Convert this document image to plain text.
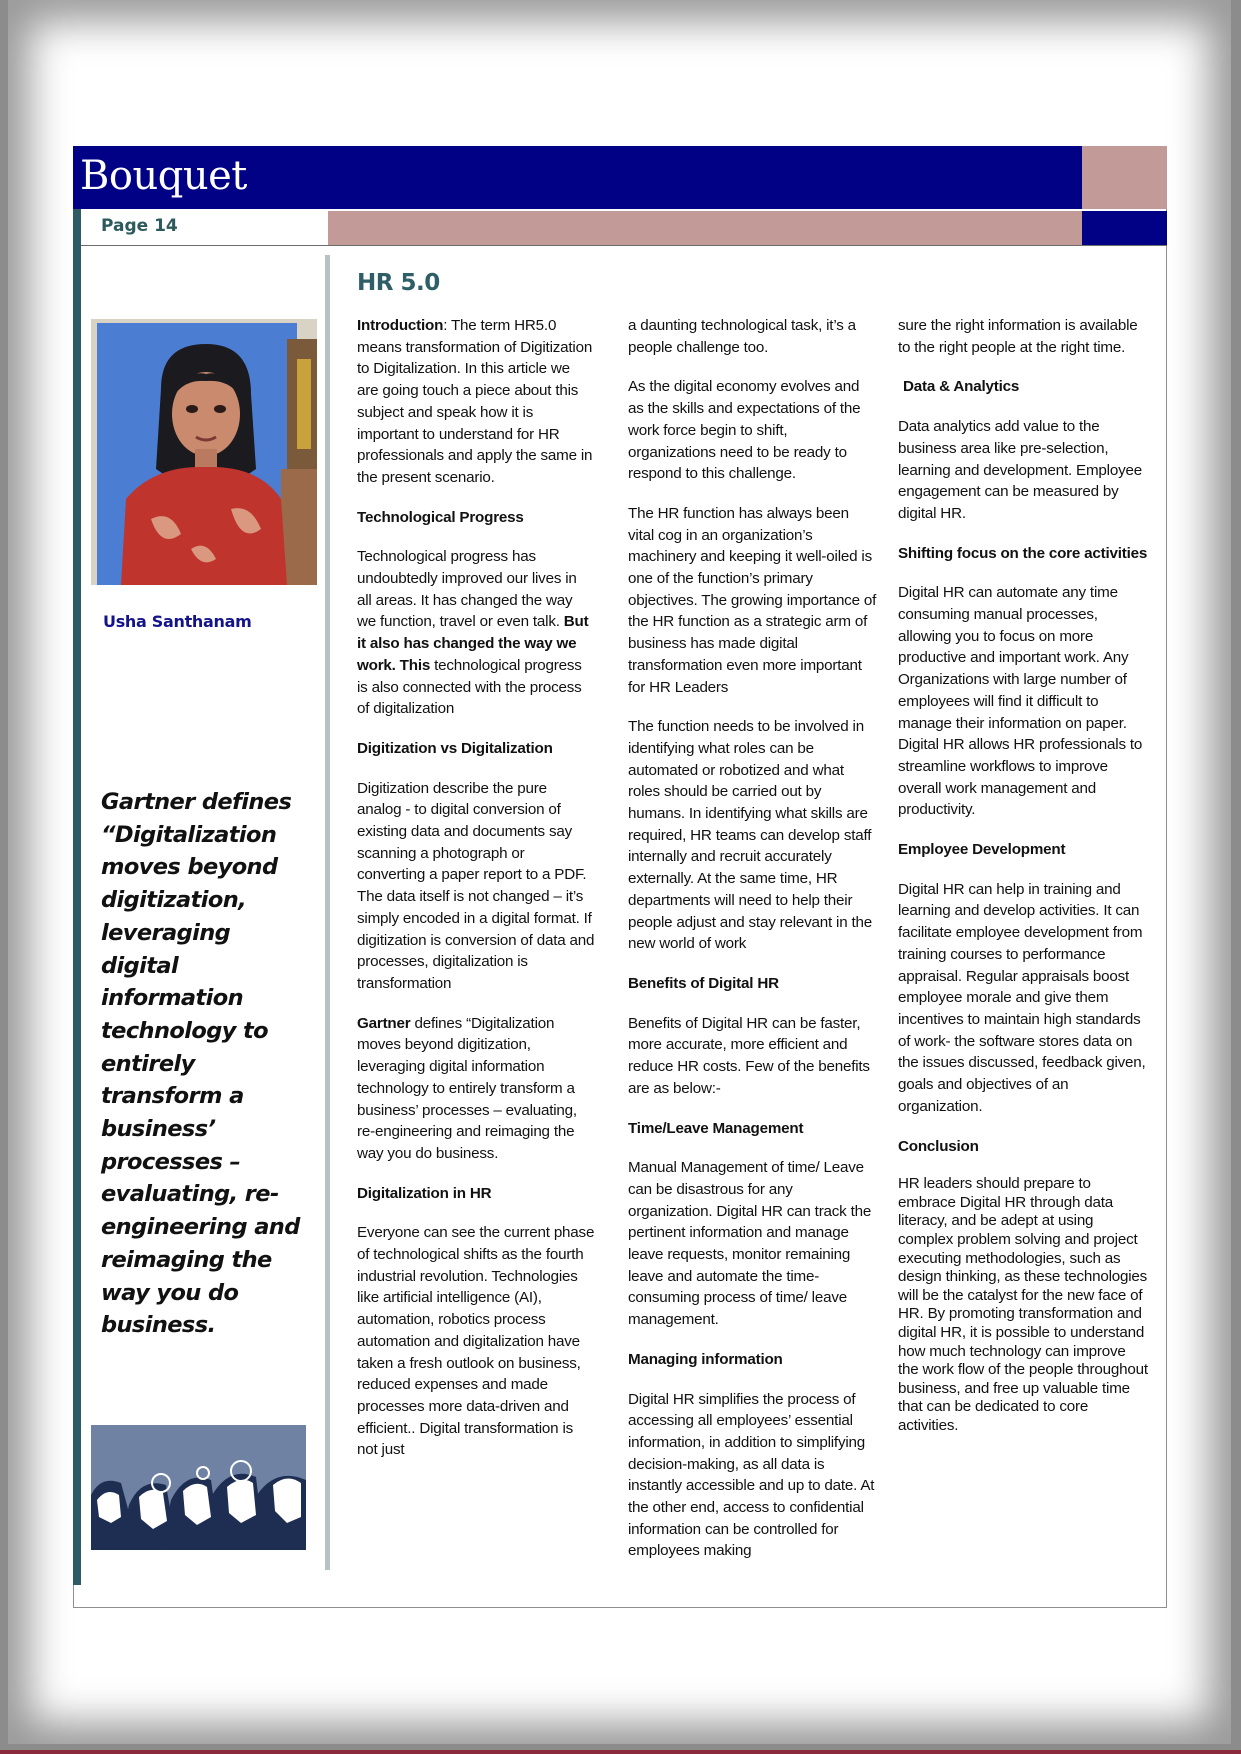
Bouquet
Page 14
Usha Santhanam
Gartner defines “Digitalization moves beyond digitization, leveraging digital information technology to entirely transform a business’ processes – evaluating, re-engineering and reimaging the way you do business.
HR 5.0

Introduction: The term HR5.0 means transformation of Digitization to Digitalization. In this article we are going touch a piece about this subject and speak how it is important to understand for HR professionals and apply the same in the present scenario.

Technological Progress

Technological progress has undoubtedly improved our lives in all areas. It has changed the way we function, travel or even talk. But it also has changed the way we work. This technological progress is also connected with the process of digitalization

Digitization vs Digitalization

Digitization describe the pure analog - to digital conversion of existing data and documents say scanning a photograph or converting a paper report to a PDF. The data itself is not changed – it’s simply encoded in a digital format. If digitization is conversion of data and processes, digitalization is transformation

Gartner defines “Digitalization moves beyond digitization, leveraging digital information technology to entirely transform a business’ processes – evaluating, re-engineering and reimaging the way you do business.

Digitalization in HR

Everyone can see the current phase of technological shifts as the fourth industrial revolution. Technologies like artificial intelligence (AI), automation, robotics process automation and digitalization have taken a fresh outlook on business, reduced expenses and made processes more data-driven and efficient.. Digital transformation is not just

a daunting technological task, it’s a people challenge too.

As the digital economy evolves and as the skills and expectations of the work force begin to shift, organizations need to be ready to respond to this challenge.

The HR function has always been vital cog in an organization’s machinery and keeping it well-oiled is one of the function’s primary objectives. The growing importance of the HR function as a strategic arm of business has made digital transformation even more important for HR Leaders

The function needs to be involved in identifying what roles can be automated or robotized and what roles should be carried out by humans. In identifying what skills are required, HR teams can develop staff internally and recruit accurately externally. At the same time, HR departments will need to help their people adjust and stay relevant in the new world of work

Benefits of Digital HR

Benefits of Digital HR can be faster, more accurate, more efficient and reduce HR costs. Few of the benefits are as below:-

Time/Leave Management

Manual Management of time/ Leave can be disastrous for any organization. Digital HR can track the pertinent information and manage leave requests, monitor remaining leave and automate the time-consuming process of time/ leave management.

Managing information

Digital HR simplifies the process of accessing all employees’ essential information, in addition to simplifying decision-making, as all data is instantly accessible and up to date. At the other end, access to confidential information can be controlled for employees making

sure the right information is available to the right people at the right time.

Data & Analytics

Data analytics add value to the business area like pre-selection, learning and development. Employee engagement can be measured by digital HR.

Shifting focus on the core activities

Digital HR can automate any time consuming manual processes, allowing you to focus on more productive and important work. Any Organizations with large number of employees will find it difficult to manage their information on paper. Digital HR allows HR professionals to streamline workflows to improve overall work management and productivity.

Employee Development

Digital HR can help in training and learning and develop activities. It can facilitate employee development from training courses to performance appraisal. Regular appraisals boost employee morale and give them incentives to maintain high standards of work- the software stores data on the issues discussed, feedback given, goals and objectives of an organization.

Conclusion

HR leaders should prepare to embrace Digital HR through data literacy, and be adept at using complex problem solving and project executing methodologies, such as design thinking, as these technologies will be the catalyst for the new face of HR. By promoting transformation and digital HR, it is possible to understand how much technology can improve the work flow of the people throughout business, and free up valuable time that can be dedicated to core activities.
